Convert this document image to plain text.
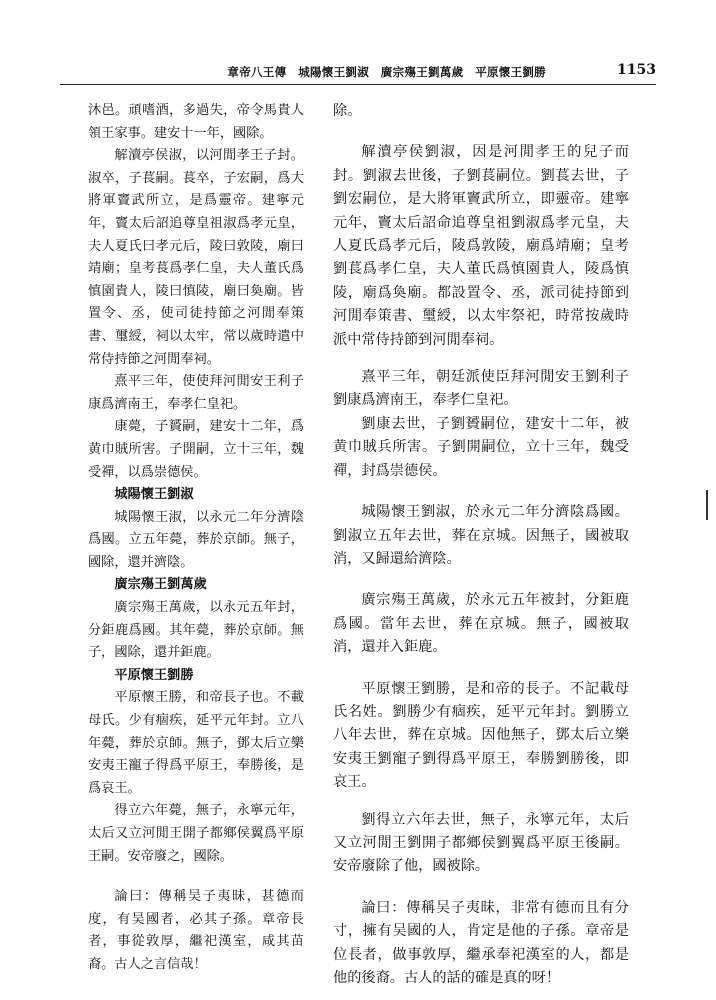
章帝八王傳　城陽懷王劉淑　廣宗殤王劉萬歲　平原懷王劉勝	1153

沐邑。頑嗜酒，多過失，帝令馬貴人領王家事。建安十一年，國除。

解瀆亭侯淑，以河閒孝王子封。淑卒，子萇嗣。萇卒，子宏嗣，爲大將軍竇武所立，是爲靈帝。建寧元年，竇太后詔追尊皇祖淑爲孝元皇，夫人夏氏曰孝元后，陵曰敦陵，廟曰靖廟；皇考萇爲孝仁皇，夫人董氏爲慎園貴人，陵曰慎陵，廟曰奐廟。皆置令、丞，使司徒持節之河閒奉策書、璽綬，祠以太牢，常以歲時遣中常侍持節之河閒奉祠。

熹平三年，使使拜河閒安王利子康爲濟南王，奉孝仁皇祀。

康薨，子贇嗣，建安十二年，爲黄巾賊所害。子開嗣，立十三年，魏受禪，以爲崇德侯。

城陽懷王劉淑

城陽懷王淑，以永元二年分濟陰爲國。立五年薨，葬於京師。無子，國除，還并濟陰。

廣宗殤王劉萬歲

廣宗殤王萬歲，以永元五年封，分鉅鹿爲國。其年薨，葬於京師。無子，國除，還并鉅鹿。

平原懷王劉勝

平原懷王勝，和帝長子也。不載母氏。少有痼疾，延平元年封。立八年薨，葬於京師。無子，鄧太后立樂安夷王寵子得爲平原王，奉勝後，是爲哀王。

得立六年薨，無子，永寧元年，太后又立河閒王開子都鄉侯翼爲平原王嗣。安帝廢之，國除。

論曰：傳稱吴子夷昧，甚德而度，有吴國者，必其子孫。章帝長者，事從敦厚，繼祀漢室，咸其苗裔。古人之言信哉！

除。

解瀆亭侯劉淑，因是河閒孝王的兒子而封。劉淑去世後，子劉萇嗣位。劉萇去世，子劉宏嗣位，是大將軍竇武所立，即靈帝。建寧元年，竇太后詔命追尊皇祖劉淑爲孝元皇，夫人夏氏爲孝元后，陵爲敦陵，廟爲靖廟；皇考劉萇爲孝仁皇，夫人董氏爲慎園貴人，陵爲慎陵，廟爲奐廟。都設置令、丞，派司徒持節到河閒奉策書、璽綬，以太牢祭祀，時常按歲時派中常侍持節到河閒奉祠。

熹平三年，朝廷派使臣拜河閒安王劉利子劉康爲濟南王，奉孝仁皇祀。

劉康去世，子劉贇嗣位，建安十二年，被黄巾賊兵所害。子劉開嗣位，立十三年，魏受禪，封爲崇德侯。

城陽懷王劉淑，於永元二年分濟陰爲國。劉淑立五年去世，葬在京城。因無子，國被取消，又歸還給濟陰。

廣宗殤王萬歲，於永元五年被封，分鉅鹿爲國。當年去世，葬在京城。無子，國被取消，還并入鉅鹿。

平原懷王劉勝，是和帝的長子。不記載母氏名姓。劉勝少有痼疾，延平元年封。劉勝立八年去世，葬在京城。因他無子，鄧太后立樂安夷王劉寵子劉得爲平原王，奉勝劉勝後，即哀王。

劉得立六年去世，無子，永寧元年，太后又立河閒王劉開子都鄉侯劉翼爲平原王後嗣。安帝廢除了他，國被除。

論曰：傳稱吴子夷昧，非常有德而且有分寸，擁有吴國的人，肯定是他的子孫。章帝是位長者，做事敦厚，繼承奉祀漢室的人，都是他的後裔。古人的話的確是真的呀！
